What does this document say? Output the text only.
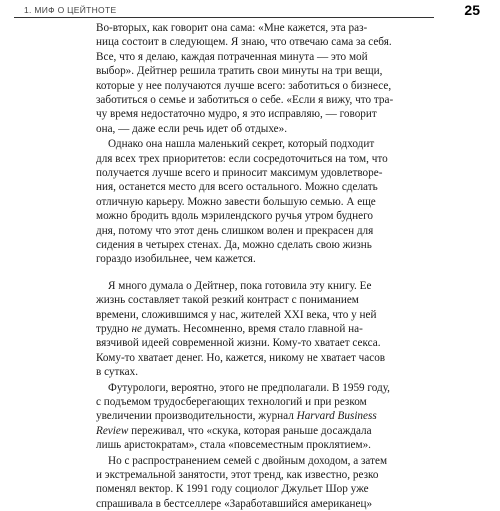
1. МИФ О ЦЕЙТНОТЕ	25
Во-вторых, как говорит она сама: «Мне кажется, эта раз-
ница состоит в следующем. Я знаю, что отвечаю сама за себя.
Все, что я делаю, каждая потраченная минута — это мой
выбор». Дейтнер решила тратить свои минуты на три вещи,
которые у нее получаются лучше всего: заботиться о бизнесе,
заботиться о семье и заботиться о себе. «Если я вижу, что тра-
чу время недостаточно мудро, я это исправляю, — говорит
она, — даже если речь идет об отдыхе».
Однако она нашла маленький секрет, который подходит
для всех трех приоритетов: если сосредоточиться на том, что
получается лучше всего и приносит максимум удовлетворе-
ния, останется место для всего остального. Можно сделать
отличную карьеру. Можно завести большую семью. А еще
можно бродить вдоль мэрилендского ручья утром буднего
дня, потому что этот день слишком волен и прекрасен для
сидения в четырех стенах. Да, можно сделать свою жизнь
гораздо изобильнее, чем кажется.
Я много думала о Дейтнер, пока готовила эту книгу. Ее
жизнь составляет такой резкий контраст с пониманием
времени, сложившимся у нас, жителей XXI века, что у ней
трудно не думать. Несомненно, время стало главной на-
вязчивой идеей современной жизни. Кому-то хватает секса.
Кому-то хватает денег. Но, кажется, никому не хватает часов
в сутках.
Футурологи, вероятно, этого не предполагали. В 1959 году,
с подъемом трудосберегающих технологий и при резком
увеличении производительности, журнал Harvard Business
Review переживал, что «скука, которая раньше досаждала
лишь аристократам», стала «повсеместным проклятием».
Но с распространением семей с двойным доходом, а затем
и экстремальной занятости, этот тренд, как известно, резко
поменял вектор. К 1991 году социолог Джульет Шор уже
спрашивала в бестселлере «Заработавшийся американец»
